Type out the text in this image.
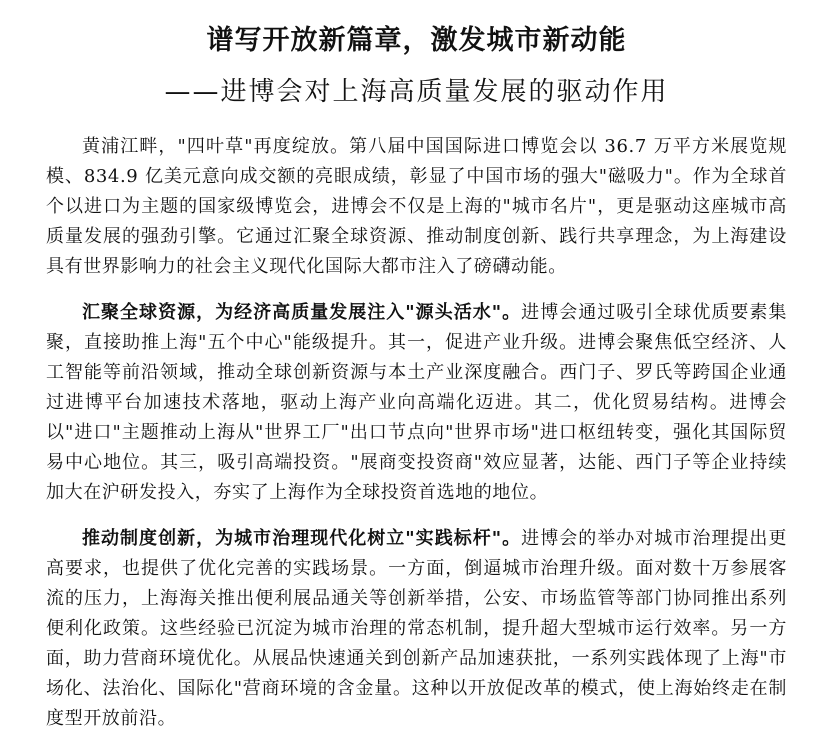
谱写开放新篇章，激发城市新动能
——进博会对上海高质量发展的驱动作用

黄浦江畔，"四叶草"再度绽放。第八届中国国际进口博览会以 36.7 万平方米展览规模、834.9 亿美元意向成交额的亮眼成绩，彰显了中国市场的强大"磁吸力"。作为全球首个以进口为主题的国家级博览会，进博会不仅是上海的"城市名片"，更是驱动这座城市高质量发展的强劲引擎。它通过汇聚全球资源、推动制度创新、践行共享理念，为上海建设具有世界影响力的社会主义现代化国际大都市注入了磅礴动能。

汇聚全球资源，为经济高质量发展注入"源头活水"。进博会通过吸引全球优质要素集聚，直接助推上海"五个中心"能级提升。其一，促进产业升级。进博会聚焦低空经济、人工智能等前沿领域，推动全球创新资源与本土产业深度融合。西门子、罗氏等跨国企业通过进博平台加速技术落地，驱动上海产业向高端化迈进。其二，优化贸易结构。进博会以"进口"主题推动上海从"世界工厂"出口节点向"世界市场"进口枢纽转变，强化其国际贸易中心地位。其三，吸引高端投资。"展商变投资商"效应显著，达能、西门子等企业持续加大在沪研发投入，夯实了上海作为全球投资首选地的地位。

推动制度创新，为城市治理现代化树立"实践标杆"。进博会的举办对城市治理提出更高要求，也提供了优化完善的实践场景。一方面，倒逼城市治理升级。面对数十万参展客流的压力，上海海关推出便利展品通关等创新举措，公安、市场监管等部门协同推出系列便利化政策。这些经验已沉淀为城市治理的常态机制，提升超大型城市运行效率。另一方面，助力营商环境优化。从展品快速通关到创新产品加速获批，一系列实践体现了上海"市场化、法治化、国际化"营商环境的含金量。这种以开放促改革的模式，使上海始终走在制度型开放前沿。
